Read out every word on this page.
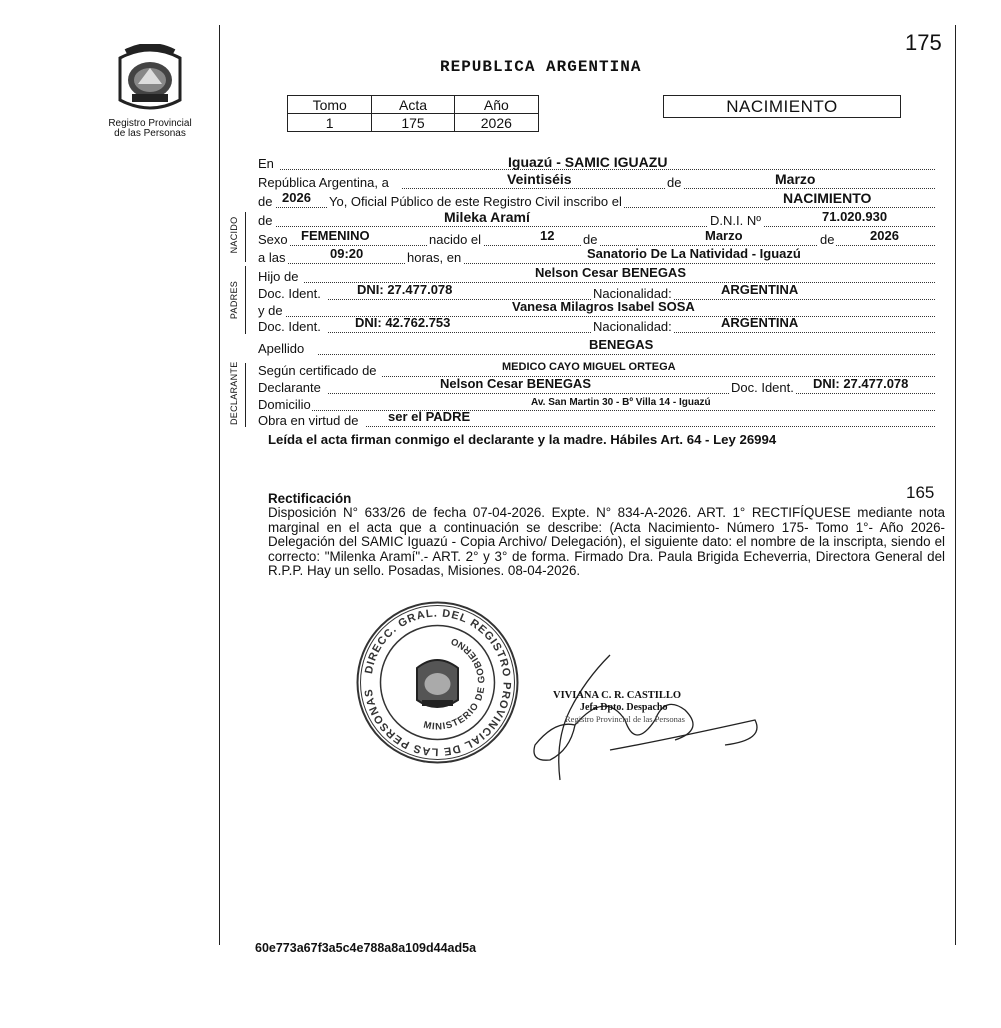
175
Registro Provincial
de las Personas
REPUBLICA ARGENTINA
Tomo	Acta	Año
1	175	2026
NACIMIENTO
NACIDO
PADRES
DECLARANTE
En	Iguazú - SAMIC IGUAZU
República Argentina, a	Veintiséis	de	Marzo
de 2026 Yo, Oficial Público de este Registro Civil inscribo el	NACIMIENTO
de	Mileka Aramí	D.N.I. Nº	71.020.930
Sexo FEMENINO	nacido el	12 de	Marzo	de	2026
a las	09:20	horas, en	Sanatorio De La Natividad - Iguazú
Hijo de	Nelson Cesar BENEGAS
Doc. Ident.	DNI: 27.477.078	Nacionalidad:	ARGENTINA
y de	Vanesa Milagros Isabel SOSA
Doc. Ident.	DNI: 42.762.753	Nacionalidad:	ARGENTINA
Apellido	BENEGAS
Según certificado de	MEDICO CAYO MIGUEL ORTEGA
Declarante	Nelson Cesar BENEGAS	Doc. Ident. DNI: 27.477.078
Domicilio	Av. San Martin 30 - Bº Villa 14 - Iguazú
Obra en virtud de ser el PADRE
Leída el acta firman conmigo el declarante y la madre. Hábiles Art. 64 - Ley 26994
165
Rectificación
Disposición N° 633/26 de fecha 07-04-2026. Expte. N° 834-A-2026. ART. 1° RECTIFÍQUESE mediante nota marginal en el acta que a continuación se describe: (Acta Nacimiento- Número 175- Tomo 1°- Año 2026- Delegación del SAMIC Iguazú - Copia Archivo/ Delegación), el siguiente dato: el nombre de la inscripta, siendo el correcto: "Milenka Aramí".- ART. 2° y 3° de forma. Firmado Dra. Paula Brigida Echeverria, Directora General del R.P.P. Hay un sello. Posadas, Misiones. 08-04-2026.
DIRECC. GRAL. DEL REGISTRO PROVINCIAL DE LAS PERSONAS
MINISTERIO DE GOBIERNO
VIVIANA C. R. CASTILLO
Jefa Dpto. Despacho
Registro Provincial de las Personas
60e773a67f3a5c4e788a8a109d44ad5a
